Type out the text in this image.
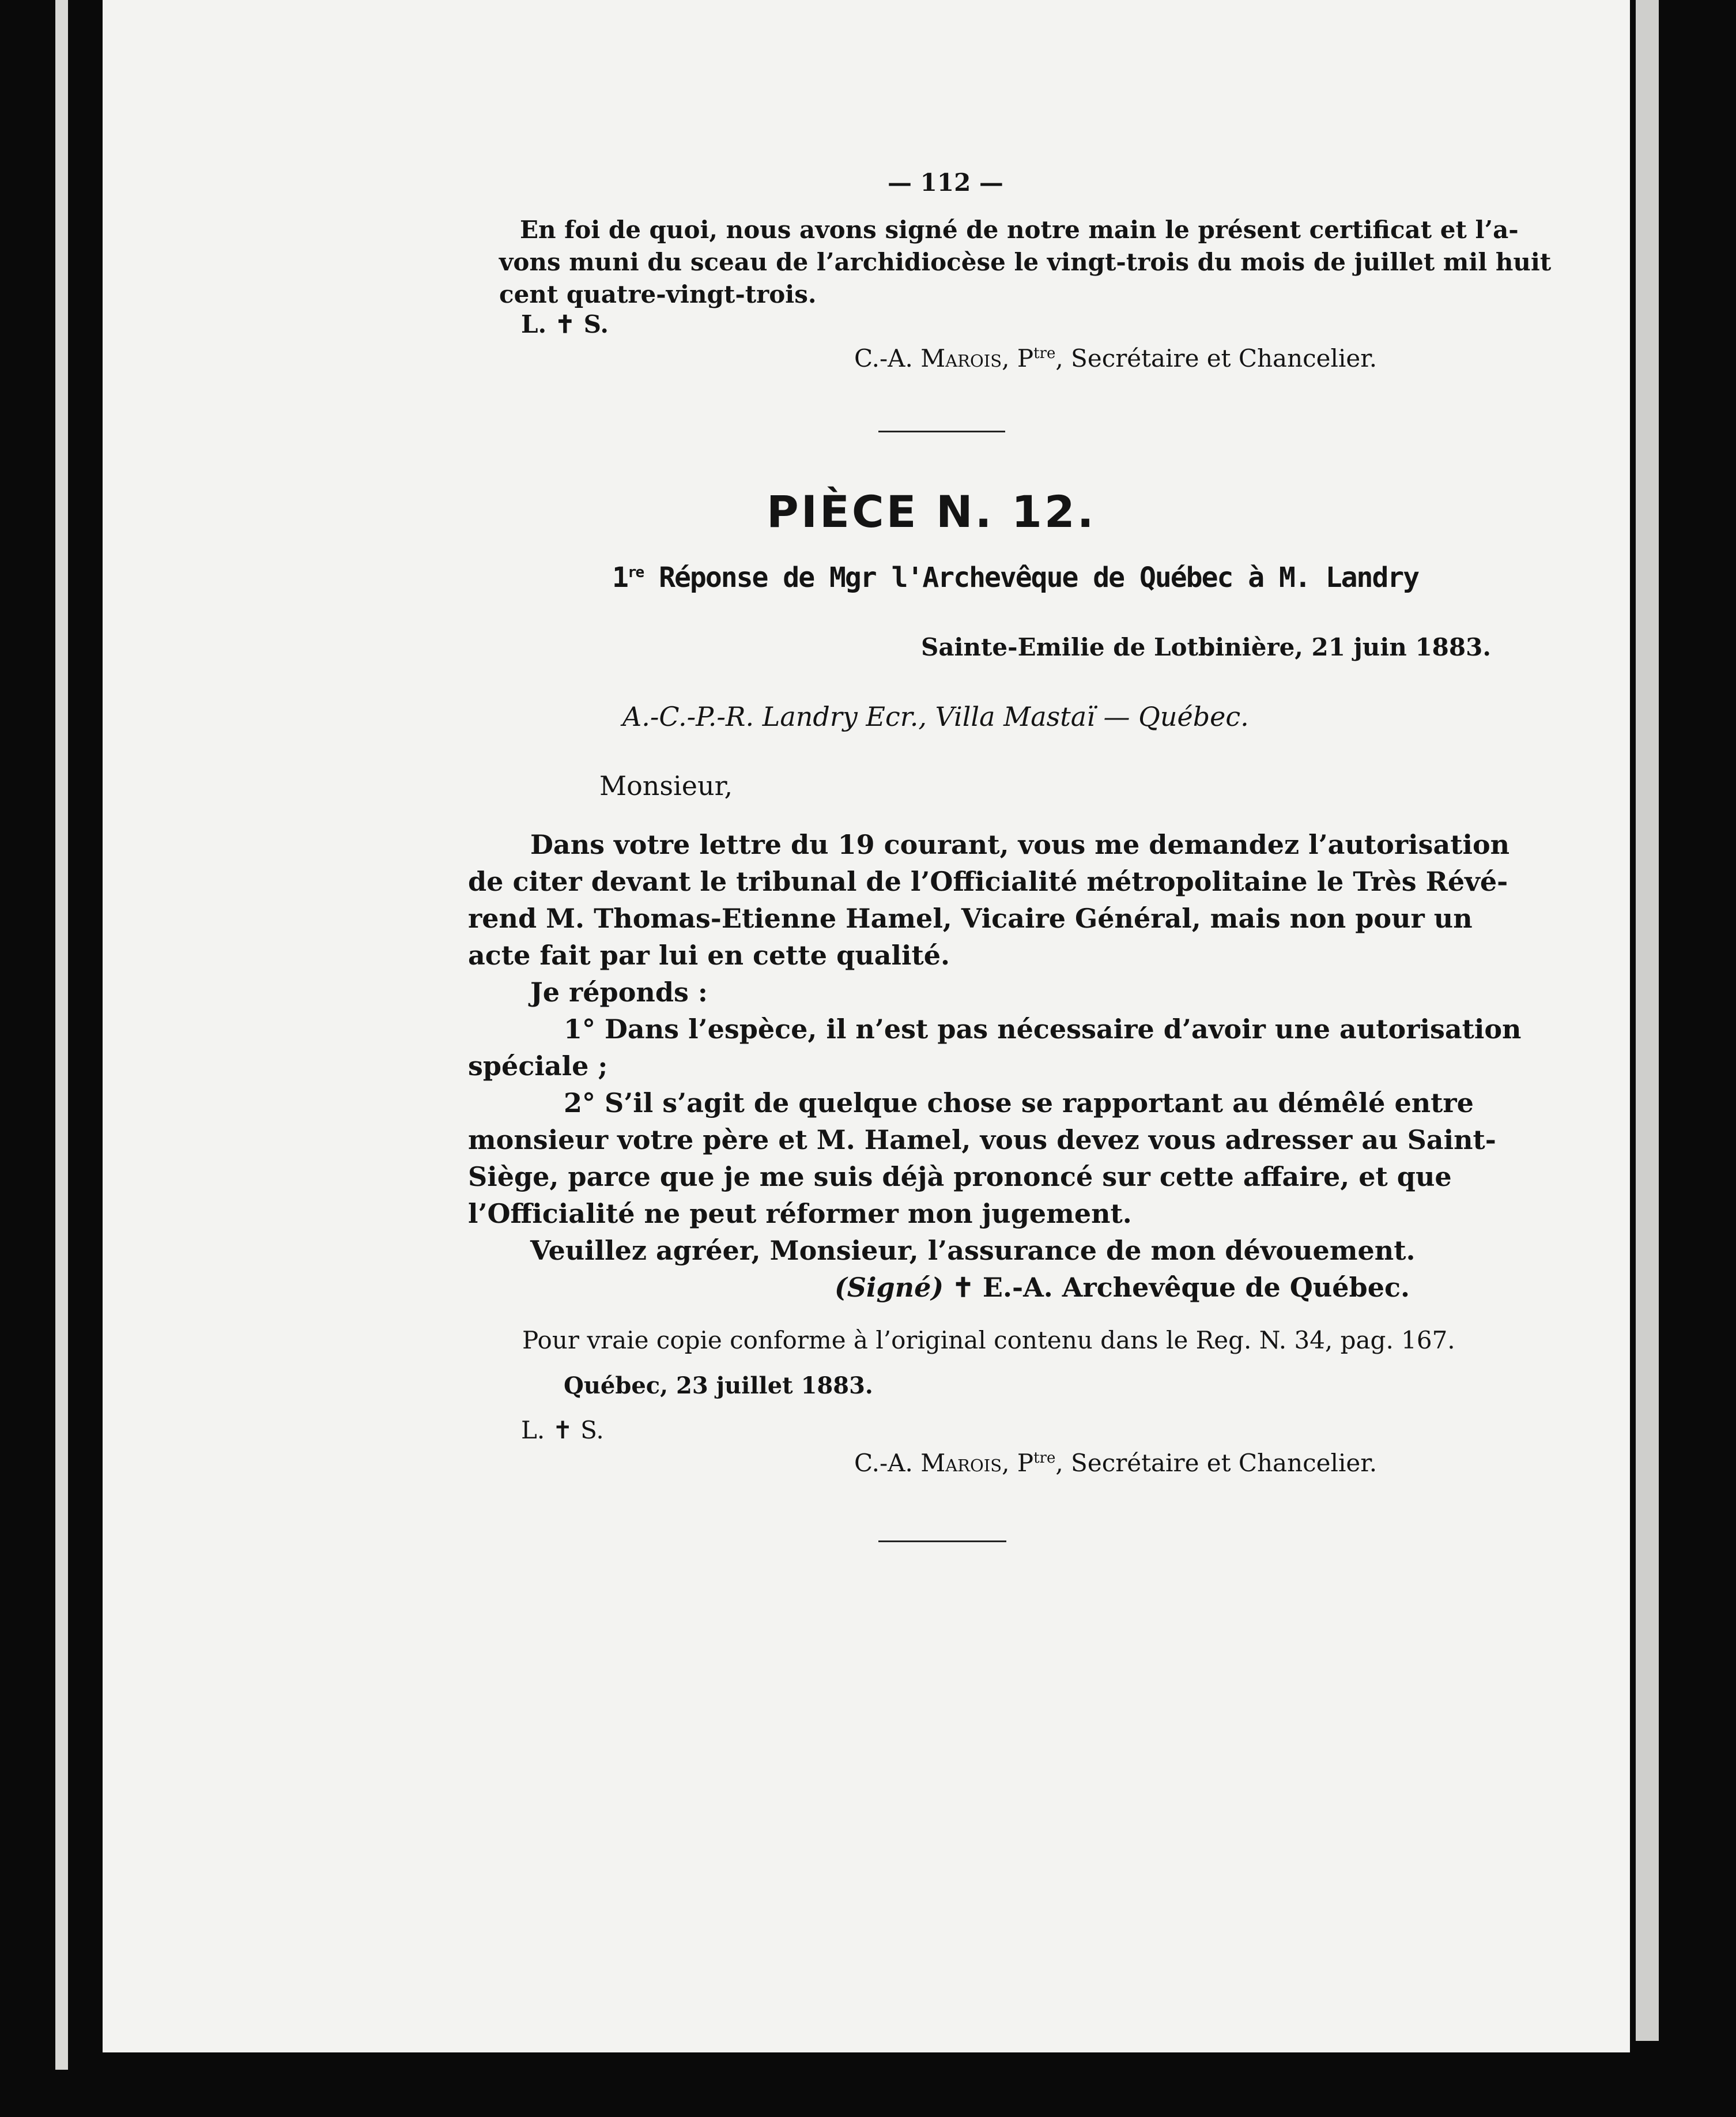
— 112 —
En foi de quoi, nous avons signé de notre main le présent certificat et l’a-
vons muni du sceau de l’archidiocèse le vingt-trois du mois de juillet mil huit
cent quatre-vingt-trois.
L. ✝ S.
C.-A. Marois, $P^{tre}$, Secrétaire et Chancelier.
PIÈCE N. 12.
1re Réponse de Mgr l'Archevêque de Québec à M. Landry
Sainte-Emilie de Lotbinière, 21 juin 1883.
A.-C.-P.-R. Landry Ecr., Villa Mastaï — Québec.
Monsieur,
Dans votre lettre du 19 courant, vous me demandez l’autorisation
de citer devant le tribunal de l’Officialité métropolitaine le Très Révé-
rend M. Thomas-Etienne Hamel, Vicaire Général, mais non pour un
acte fait par lui en cette qualité.
Je réponds :
1° Dans l’espèce, il n’est pas nécessaire d’avoir une autorisation
spéciale ;
2° S’il s’agit de quelque chose se rapportant au démêlé entre
monsieur votre père et M. Hamel, vous devez vous adresser au Saint-
Siège, parce que je me suis déjà prononcé sur cette affaire, et que
l’Officialité ne peut réformer mon jugement.
Veuillez agréer, Monsieur, l’assurance de mon dévouement.
(Signé) ✝ E.-A. Archevêque de Québec.
Pour vraie copie conforme à l’original contenu dans le Reg. N. 34, pag. 167.
Québec, 23 juillet 1883.
L. ✝ S.
C.-A. Marois, $P^{tre}$, Secrétaire et Chancelier.
